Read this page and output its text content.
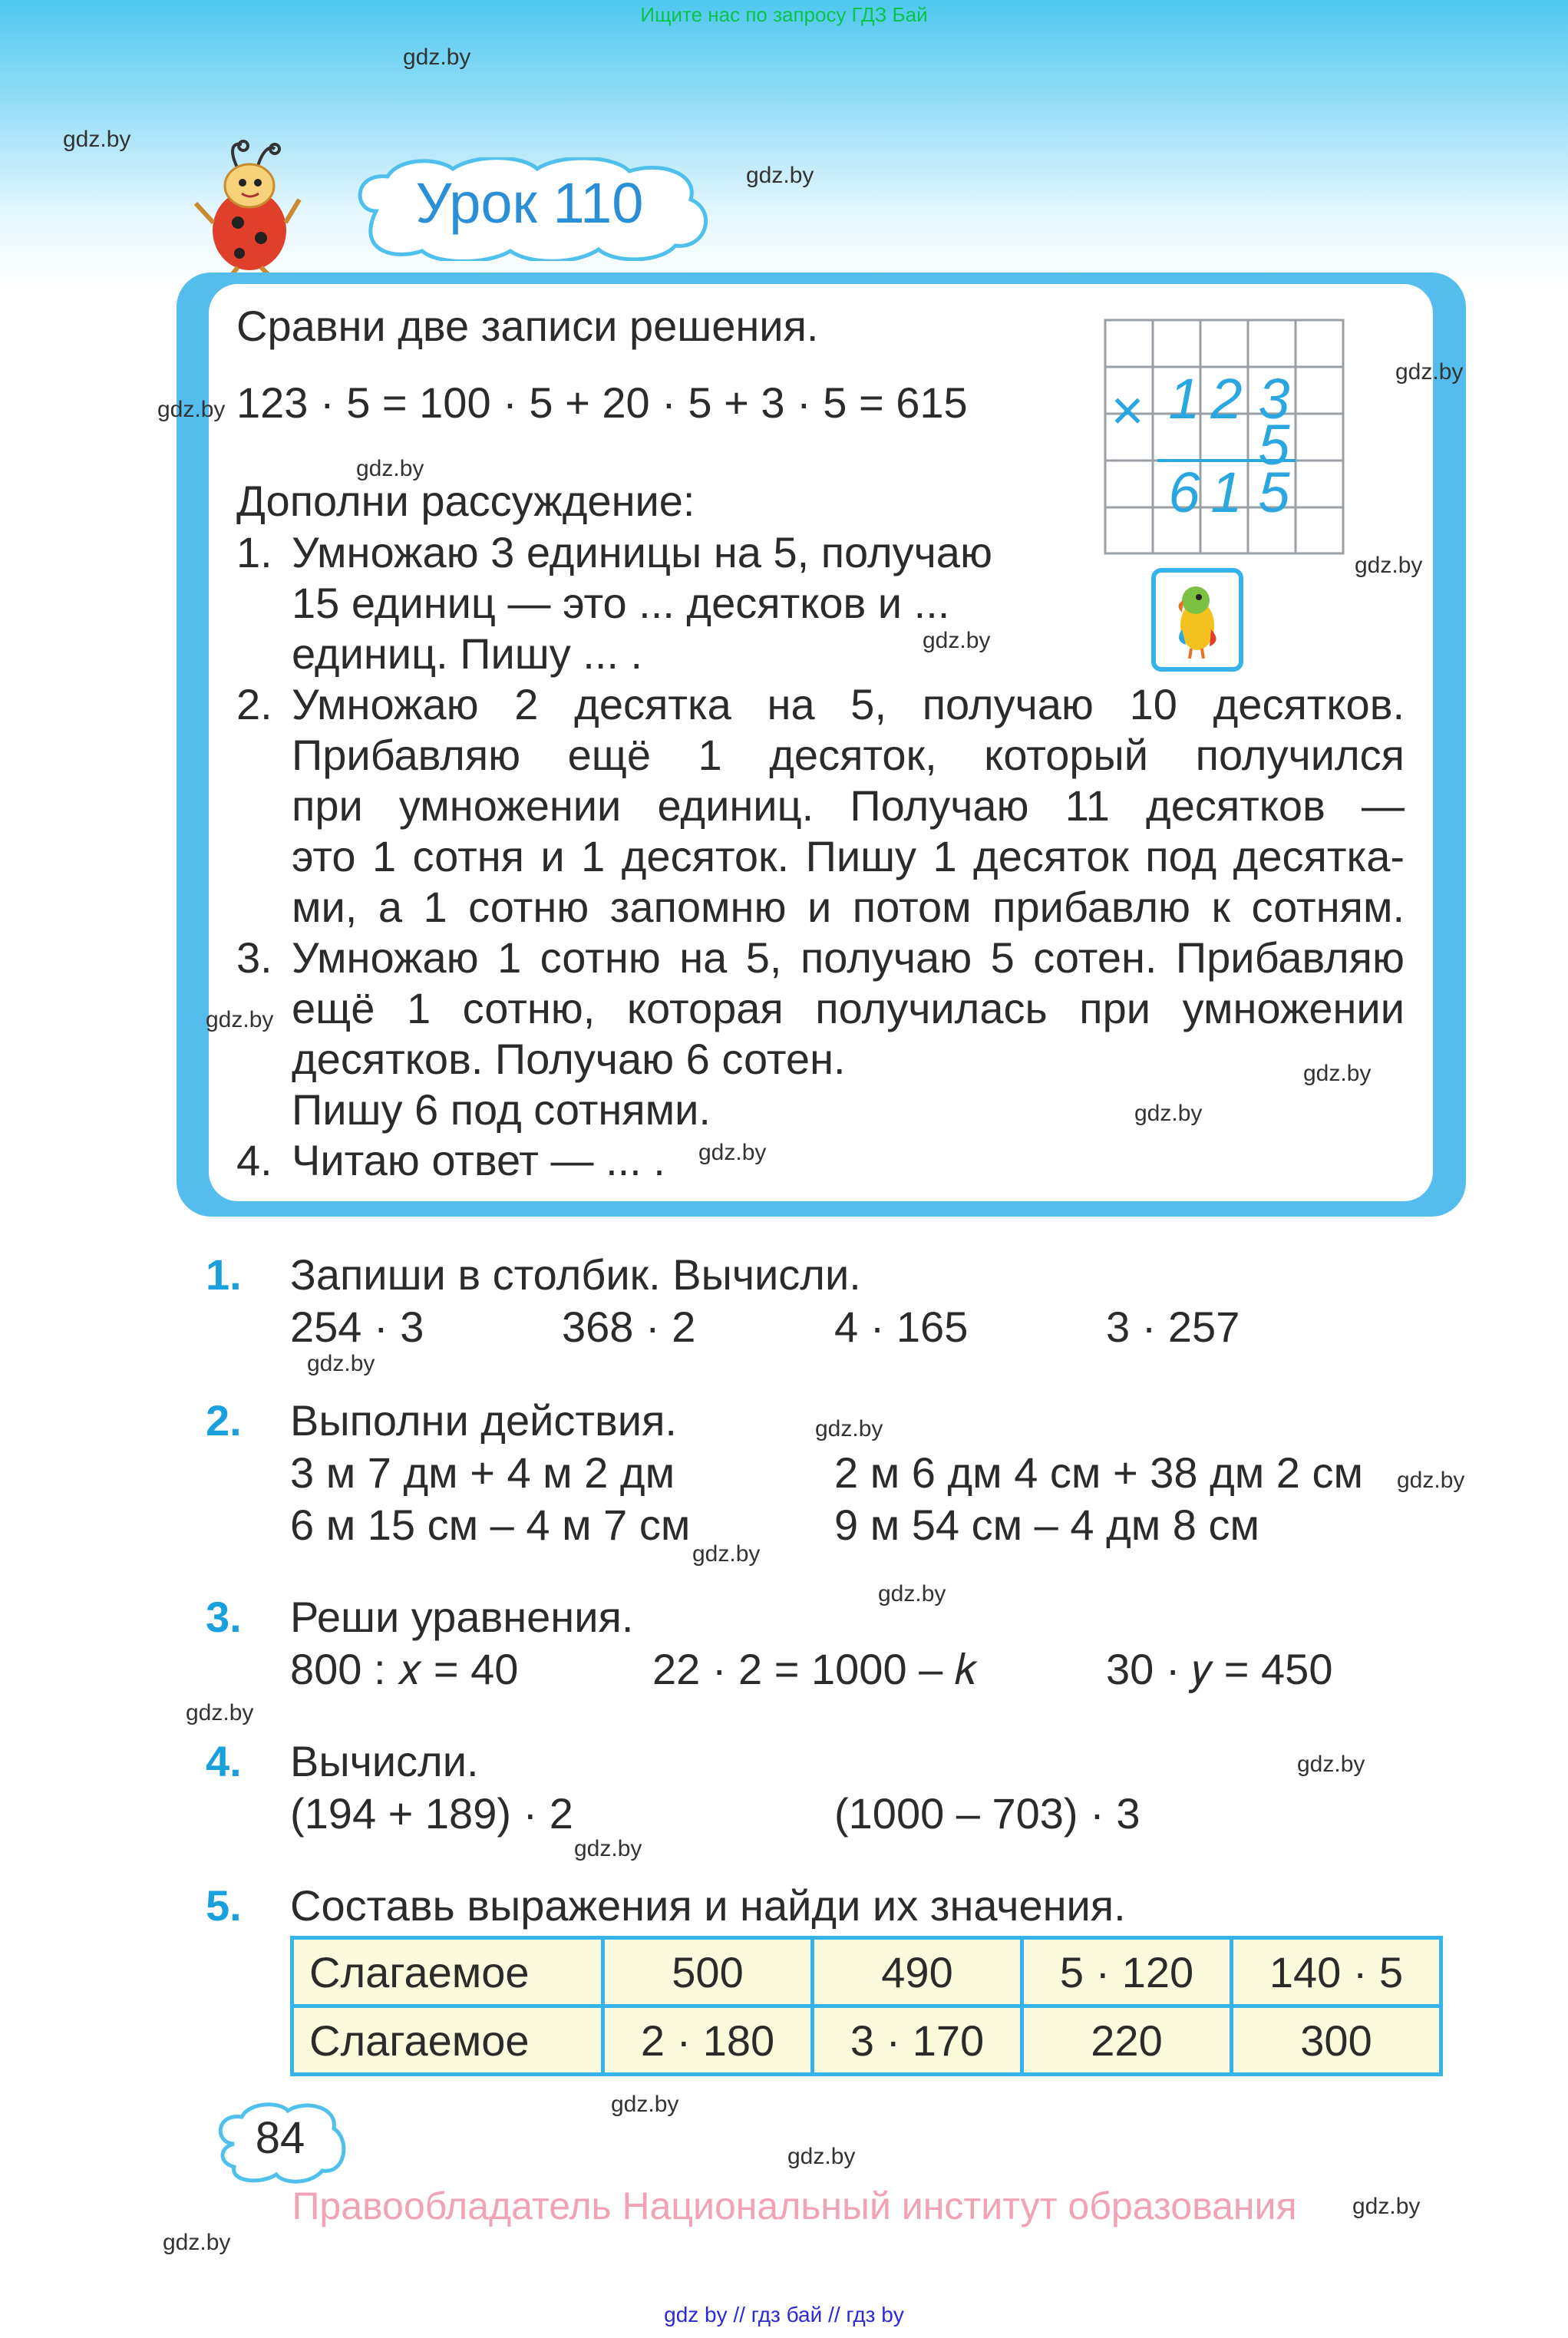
Ищите нас по запросу ГДЗ Бай
Урок 110
Сравни две записи решения.
123 · 5 = 100 · 5 + 20 · 5 + 3 · 5 = 615
Дополни рассуждение:
1. Умножаю 3 единицы на 5, получаю
15 единиц — это ... десятков и ...
единиц. Пишу ... .
2. Умножаю 2 десятка на 5, получаю 10 десятков.
Прибавляю ещё 1 десяток, который получился
при умножении единиц. Получаю 11 десятков —
это 1 сотня и 1 десяток. Пишу 1 десяток под десятка-
ми, а 1 сотню запомню и потом прибавлю к сотням.
3. Умножаю 1 сотню на 5, получаю 5 сотен. Прибавляю
ещё 1 сотню, которая получилась при умножении
десятков. Получаю 6 сотен.
Пишу 6 под сотнями.
4. Читаю ответ — ... .
× 1 2 3
5
6 1 5
1. Запиши в столбик. Вычисли.
254 · 3	368 · 2	4 · 165	3 · 257
2. Выполни действия.
3 м 7 дм + 4 м 2 дм	2 м 6 дм 4 см + 38 дм 2 см
6 м 15 см – 4 м 7 см	9 м 54 см – 4 дм 8 см
3. Реши уравнения.
800 : 𝑥 = 40	22 · 2 = 1000 – 𝑘	30 · 𝑦 = 450
4. Вычисли.
(194 + 189) · 2	(1000 – 703) · 3
5. Составь выражения и найди их значения.
Слагаемое	500	490	5 · 120	140 · 5
Слагаемое	2 · 180	3 · 170	220	300
84
Правообладатель Национальный институт образования
gdz by // гдз бай // гдз by
gdz.by
gdz.by
gdz.by
gdz.by
gdz.by
gdz.by
gdz.by
gdz.by
gdz.by
gdz.by
gdz.by
gdz.by
gdz.by
gdz.by
gdz.by
gdz.by
gdz.by
gdz.by
gdz.by
gdz.by
gdz.by
gdz.by
gdz.by
gdz.by
